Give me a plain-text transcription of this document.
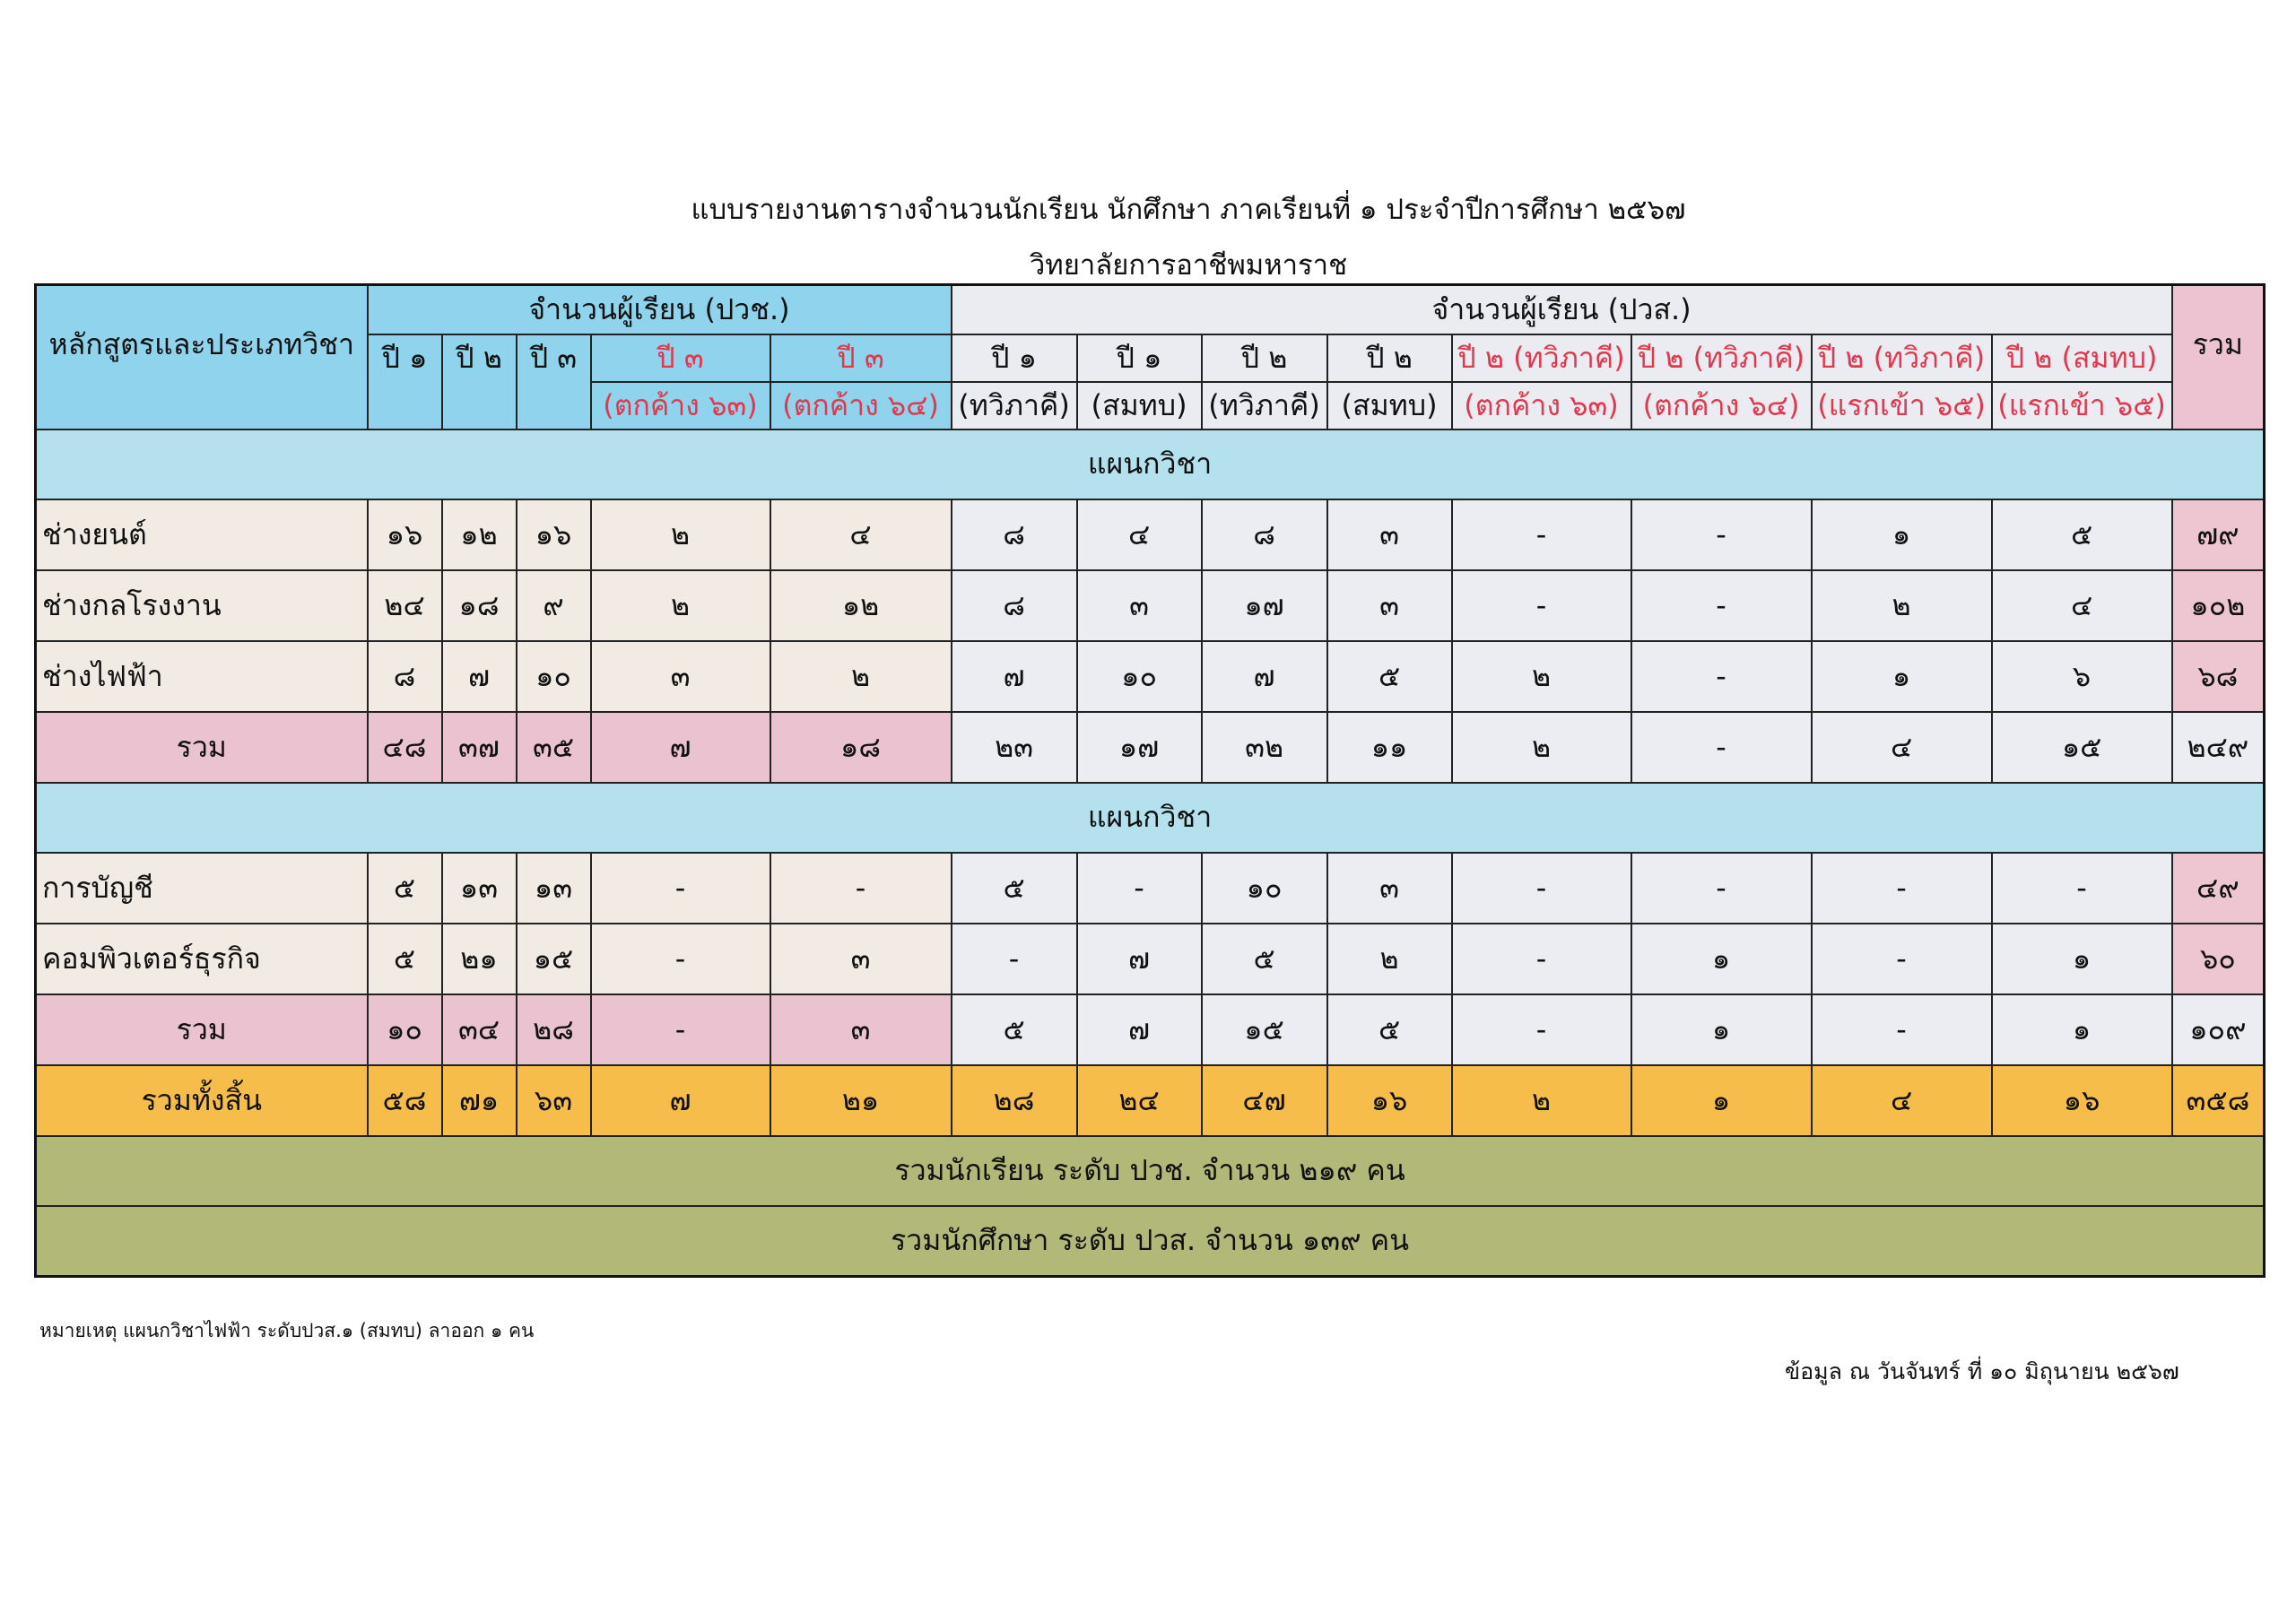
แบบรายงานตารางจำนวนนักเรียน นักศึกษา ภาคเรียนที่ ๑ ประจำปีการศึกษา ๒๕๖๗
วิทยาลัยการอาชีพมหาราช
หลักสูตรและประเภทวิชา	จำนวนผู้เรียน (ปวช.)					จำนวนผู้เรียน (ปวส.)								รวม
	ปี ๑	ปี ๒	ปี ๓	ปี ๓	ปี ๓	ปี ๑	ปี ๑	ปี ๒	ปี ๒	ปี ๒ (ทวิภาคี)	ปี ๒ (ทวิภาคี)	ปี ๒ (ทวิภาคี)	ปี ๒ (สมทบ)	
				(ตกค้าง ๖๓)	(ตกค้าง ๖๔)	(ทวิภาคี)	(สมทบ)	(ทวิภาคี)	(สมทบ)	(ตกค้าง ๖๓)	(ตกค้าง ๖๔)	(แรกเข้า ๖๕)	(แรกเข้า ๖๕)	
แผนกวิชา														
ช่างยนต์	๑๖	๑๒	๑๖	๒	๔	๘	๔	๘	๓	-	-	๑	๕	๗๙
ช่างกลโรงงาน	๒๔	๑๘	๙	๒	๑๒	๘	๓	๑๗	๓	-	-	๒	๔	๑๐๒
ช่างไฟฟ้า	๘	๗	๑๐	๓	๒	๗	๑๐	๗	๕	๒	-	๑	๖	๖๘
รวม	๔๘	๓๗	๓๕	๗	๑๘	๒๓	๑๗	๓๒	๑๑	๒	-	๔	๑๕	๒๔๙
แผนกวิชา														
การบัญชี	๕	๑๓	๑๓	-	-	๕	-	๑๐	๓	-	-	-	-	๔๙
คอมพิวเตอร์ธุรกิจ	๕	๒๑	๑๕	-	๓	-	๗	๕	๒	-	๑	-	๑	๖๐
รวม	๑๐	๓๔	๒๘	-	๓	๕	๗	๑๕	๕	-	๑	-	๑	๑๐๙
รวมทั้งสิ้น	๕๘	๗๑	๖๓	๗	๒๑	๒๘	๒๔	๔๗	๑๖	๒	๑	๔	๑๖	๓๕๘
รวมนักเรียน ระดับ ปวช. จำนวน ๒๑๙ คน														
รวมนักศึกษา ระดับ ปวส. จำนวน ๑๓๙ คน														
หมายเหตุ แผนกวิชาไฟฟ้า ระดับปวส.๑ (สมทบ) ลาออก ๑ คน
ข้อมูล ณ วันจันทร์ ที่ ๑๐ มิถุนายน ๒๕๖๗
